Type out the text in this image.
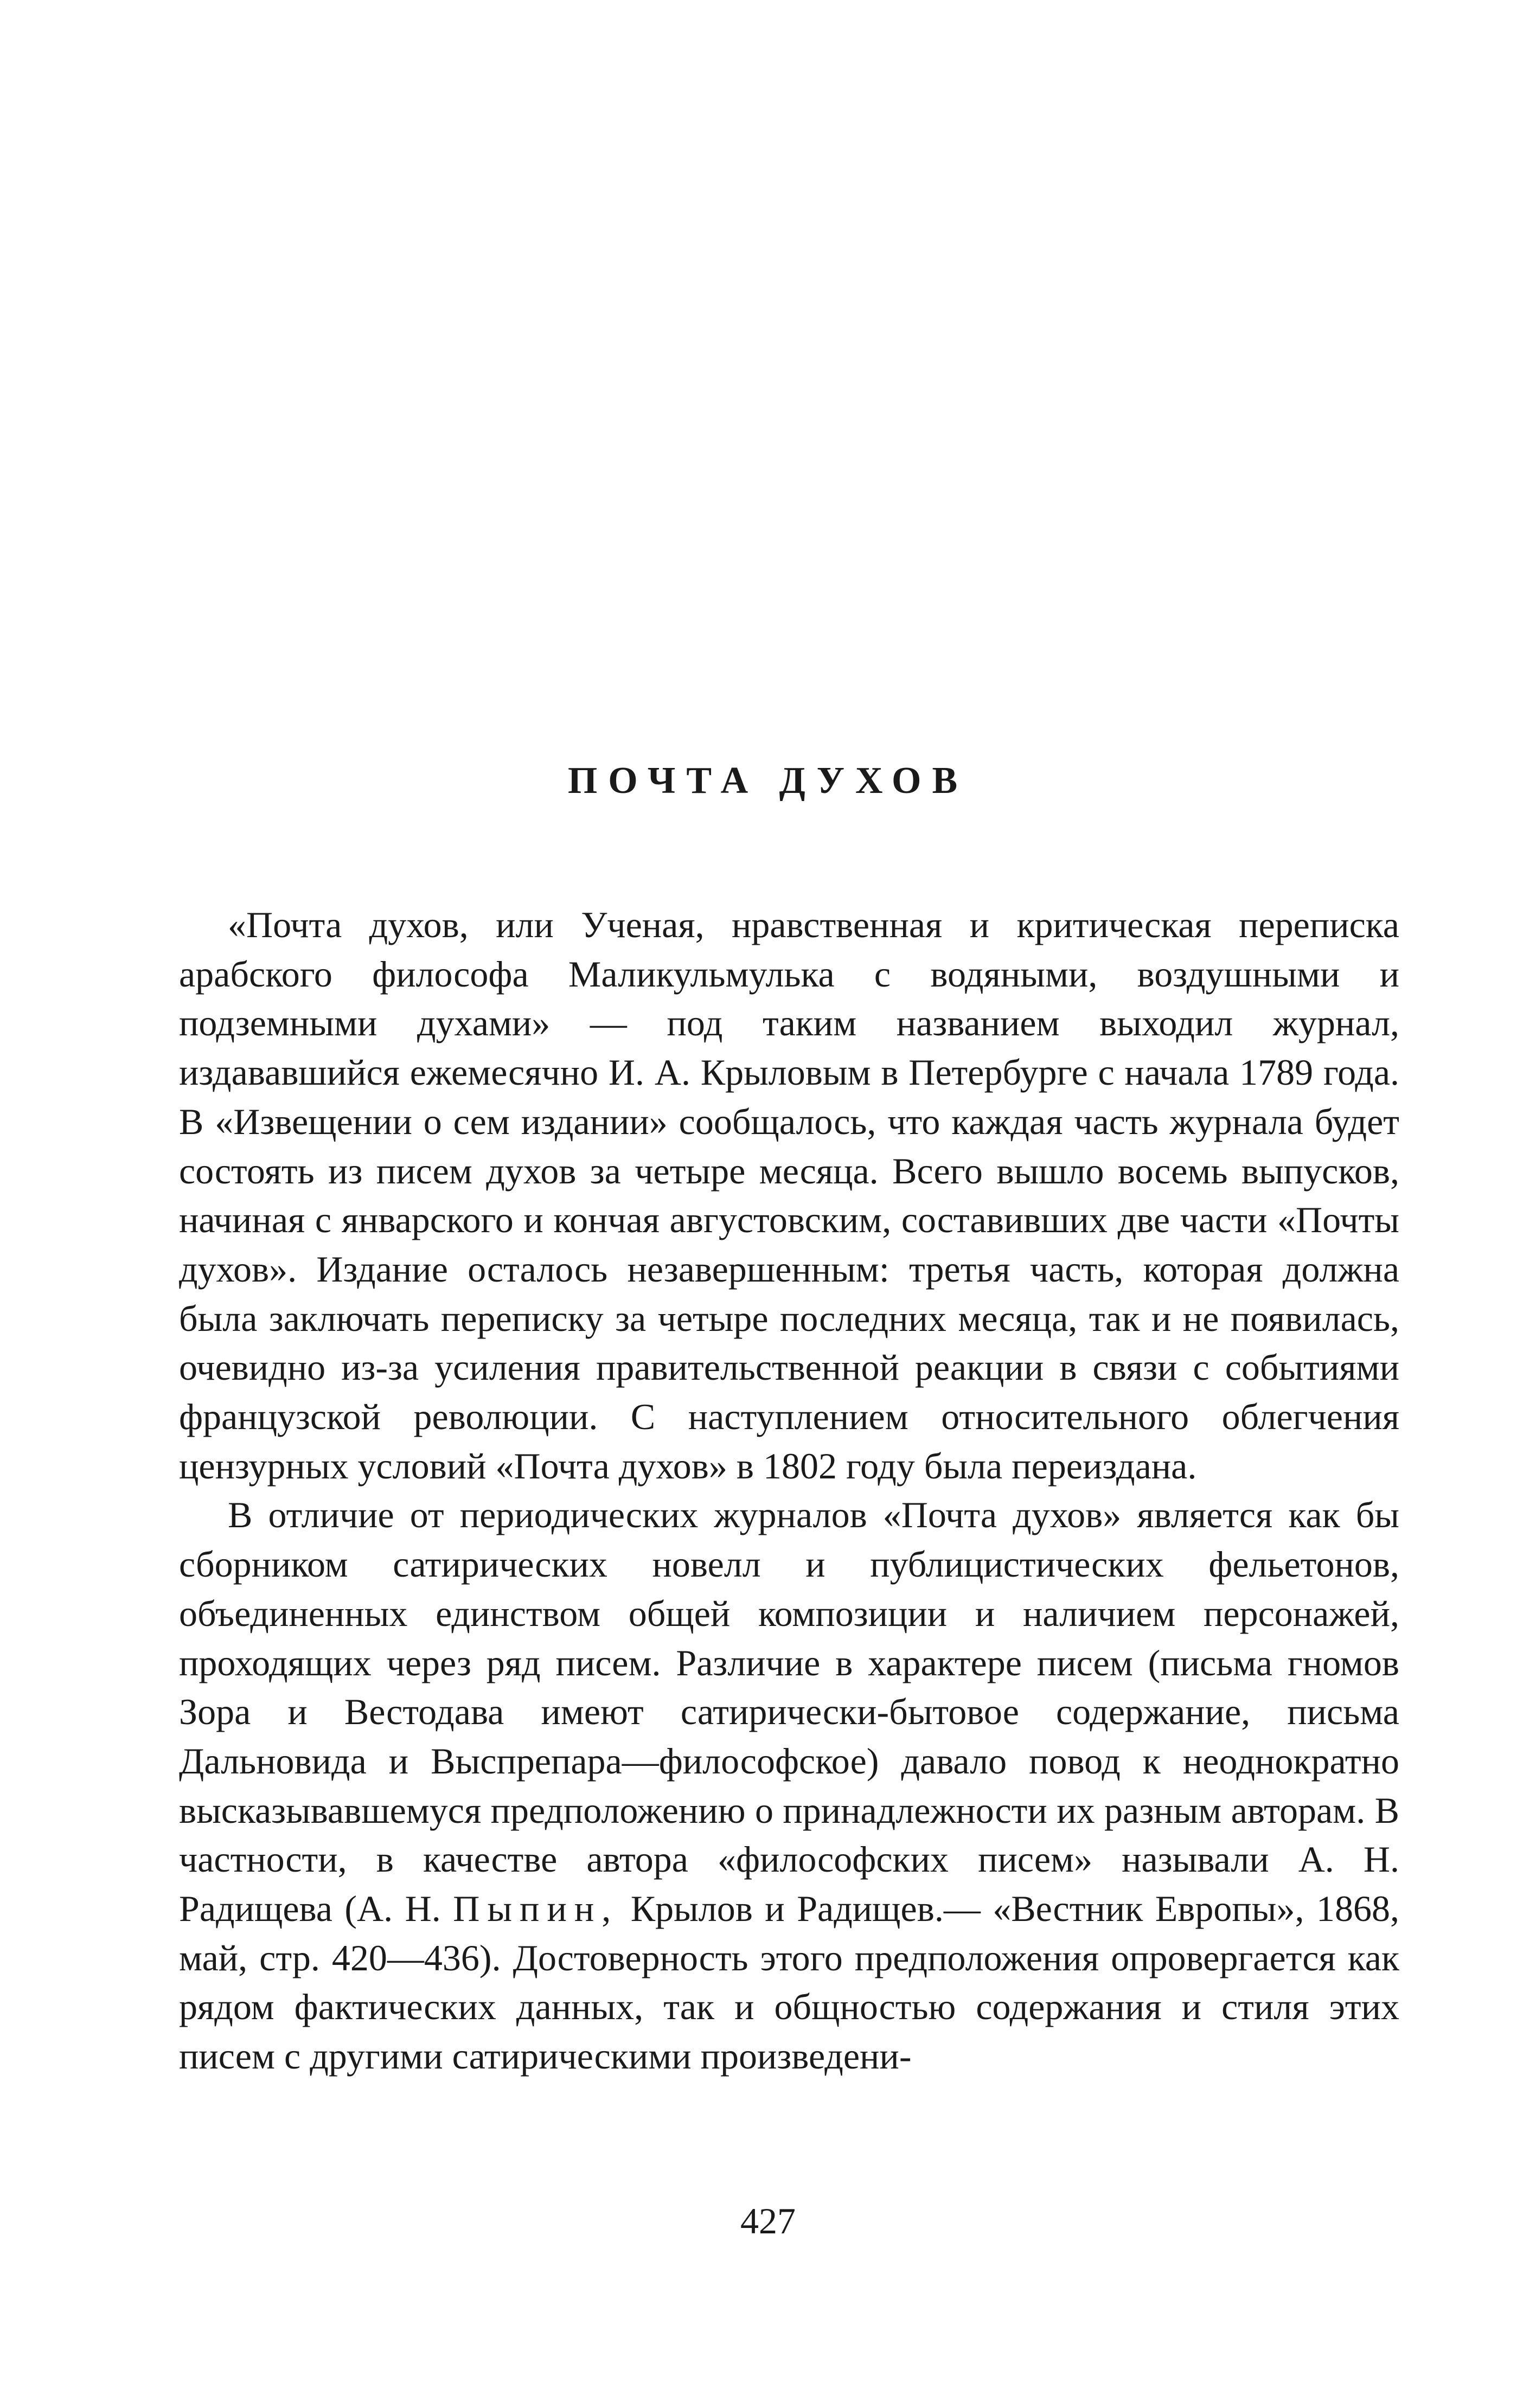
ПОЧТА ДУХОВ

«Почта духов, или Ученая, нравственная и критическая переписка арабского философа Маликульмулька с водяными, воздушными и подземными духами» — под таким названием выходил журнал, издававшийся ежемесячно И. А. Крыловым в Петербурге с начала 1789 года. В «Извещении о сем издании» сообщалось, что каждая часть журнала будет состоять из писем духов за четыре месяца. Всего вышло восемь выпусков, начиная с январского и кончая августовским, составивших две части «Почты духов». Издание осталось незавершенным: третья часть, которая должна была заключать переписку за четыре последних месяца, так и не появилась, очевидно из-за усиления правительственной реакции в связи с событиями французской революции. С наступлением относительного облегчения цензурных условий «Почта духов» в 1802 году была переиздана.

В отличие от периодических журналов «Почта духов» является как бы сборником сатирических новелл и публицистических фельетонов, объединенных единством общей композиции и наличием персонажей, проходящих через ряд писем. Различие в характере писем (письма гномов Зора и Вестодава имеют сатирически-бытовое содержание, письма Дальновида и Выспрепара—философское) давало повод к неоднократно высказывавшемуся предположению о принадлежности их разным авторам. В частности, в качестве автора «философских писем» называли А. Н. Радищева (А. Н. Пыпин, Крылов и Радищев.— «Вестник Европы», 1868, май, стр. 420—436). Достоверность этого предположения опровергается как рядом фактических данных, так и общностью содержания и стиля этих писем с другими сатирическими произведени-

427
